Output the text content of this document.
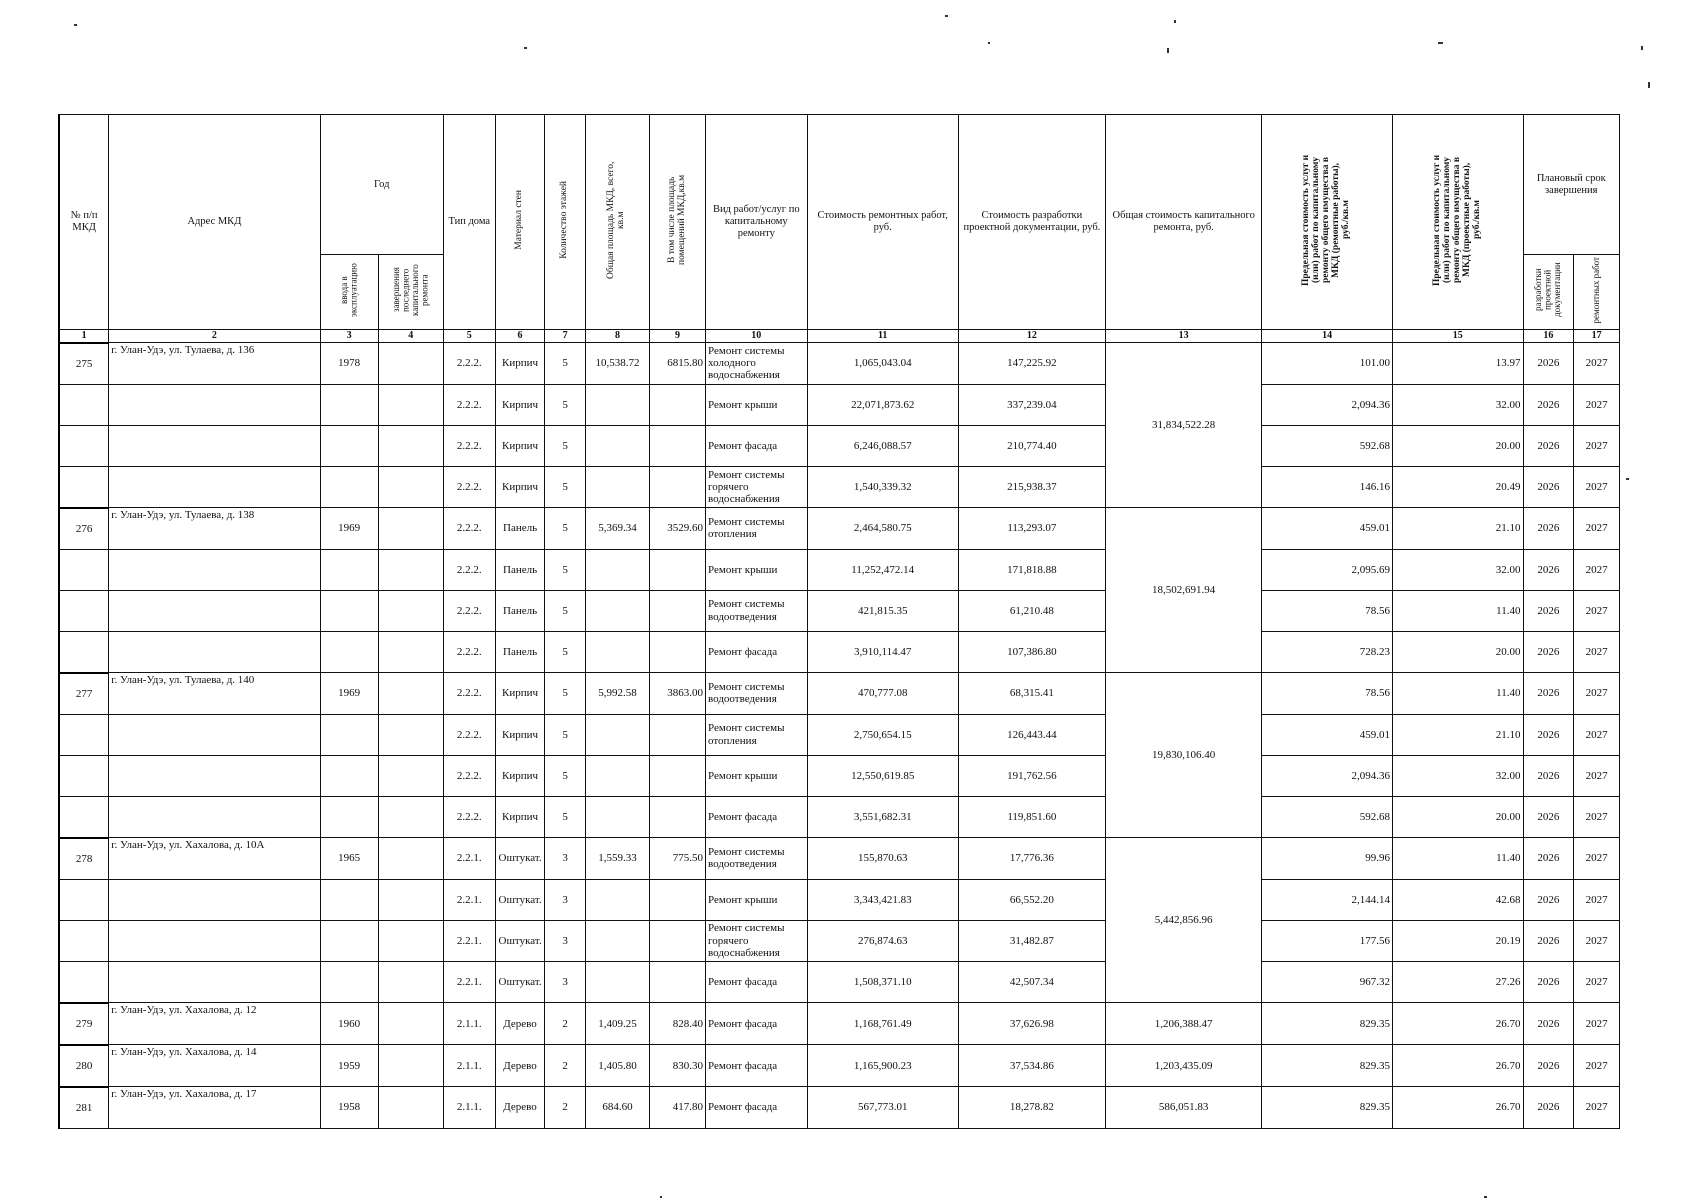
№ п/п МКД	Адрес МКД	Год		Тип дома	Материал стен	Количество этажей	Общая площадь МКД, всего, кв.м	В том числе площадь помещений МКД,кв.м	Вид работ/услуг по капитальному ремонту	Стоимость ремонтных работ, руб.	Стоимость разработки проектной документации, руб.	Общая стоимость капитального ремонта, руб.	Предельная стоимость услуг и (или) работ по капитальному ремонту общего имущества в МКД (ремонтные работы), руб./кв.м	Предельная стоимость услуг и (или) работ по капитальному ремонту общего имущества в МКД (проектные работы), руб./кв.м	Плановый срок завершения	
		ввода в эксплуатацию	завершения последнего капитального ремонта												разработки проектной документации	ремонтных работ
1	2	3	4	5	6	7	8	9	10	11	12	13	14	15	16	17
275	г. Улан-Удэ, ул. Тулаева, д. 136	1978		2.2.2.	Кирпич	5	10,538.72	6815.80	Ремонт системы холодного водоснабжения	1,065,043.04	147,225.92	31,834,522.28	101.00	13.97	2026	2027
				2.2.2.	Кирпич	5			Ремонт крыши	22,071,873.62	337,239.04		2,094.36	32.00	2026	2027
				2.2.2.	Кирпич	5			Ремонт фасада	6,246,088.57	210,774.40		592.68	20.00	2026	2027
				2.2.2.	Кирпич	5			Ремонт системы горячего водоснабжения	1,540,339.32	215,938.37		146.16	20.49	2026	2027
276	г. Улан-Удэ, ул. Тулаева, д. 138	1969		2.2.2.	Панель	5	5,369.34	3529.60	Ремонт системы отопления	2,464,580.75	113,293.07	18,502,691.94	459.01	21.10	2026	2027
				2.2.2.	Панель	5			Ремонт крыши	11,252,472.14	171,818.88		2,095.69	32.00	2026	2027
				2.2.2.	Панель	5			Ремонт системы водоотведения	421,815.35	61,210.48		78.56	11.40	2026	2027
				2.2.2.	Панель	5			Ремонт фасада	3,910,114.47	107,386.80		728.23	20.00	2026	2027
277	г. Улан-Удэ, ул. Тулаева, д. 140	1969		2.2.2.	Кирпич	5	5,992.58	3863.00	Ремонт системы водоотведения	470,777.08	68,315.41	19,830,106.40	78.56	11.40	2026	2027
				2.2.2.	Кирпич	5			Ремонт системы отопления	2,750,654.15	126,443.44		459.01	21.10	2026	2027
				2.2.2.	Кирпич	5			Ремонт крыши	12,550,619.85	191,762.56		2,094.36	32.00	2026	2027
				2.2.2.	Кирпич	5			Ремонт фасада	3,551,682.31	119,851.60		592.68	20.00	2026	2027
278	г. Улан-Удэ, ул. Хахалова, д. 10А	1965		2.2.1.	Оштукат.	3	1,559.33	775.50	Ремонт системы водоотведения	155,870.63	17,776.36	5,442,856.96	99.96	11.40	2026	2027
				2.2.1.	Оштукат.	3			Ремонт крыши	3,343,421.83	66,552.20		2,144.14	42.68	2026	2027
				2.2.1.	Оштукат.	3			Ремонт системы горячего водоснабжения	276,874.63	31,482.87		177.56	20.19	2026	2027
				2.2.1.	Оштукат.	3			Ремонт фасада	1,508,371.10	42,507.34		967.32	27.26	2026	2027
279	г. Улан-Удэ, ул. Хахалова, д. 12	1960		2.1.1.	Дерево	2	1,409.25	828.40	Ремонт фасада	1,168,761.49	37,626.98	1,206,388.47	829.35	26.70	2026	2027
280	г. Улан-Удэ, ул. Хахалова, д. 14	1959		2.1.1.	Дерево	2	1,405.80	830.30	Ремонт фасада	1,165,900.23	37,534.86	1,203,435.09	829.35	26.70	2026	2027
281	г. Улан-Удэ, ул. Хахалова, д. 17	1958		2.1.1.	Дерево	2	684.60	417.80	Ремонт фасада	567,773.01	18,278.82	586,051.83	829.35	26.70	2026	2027
